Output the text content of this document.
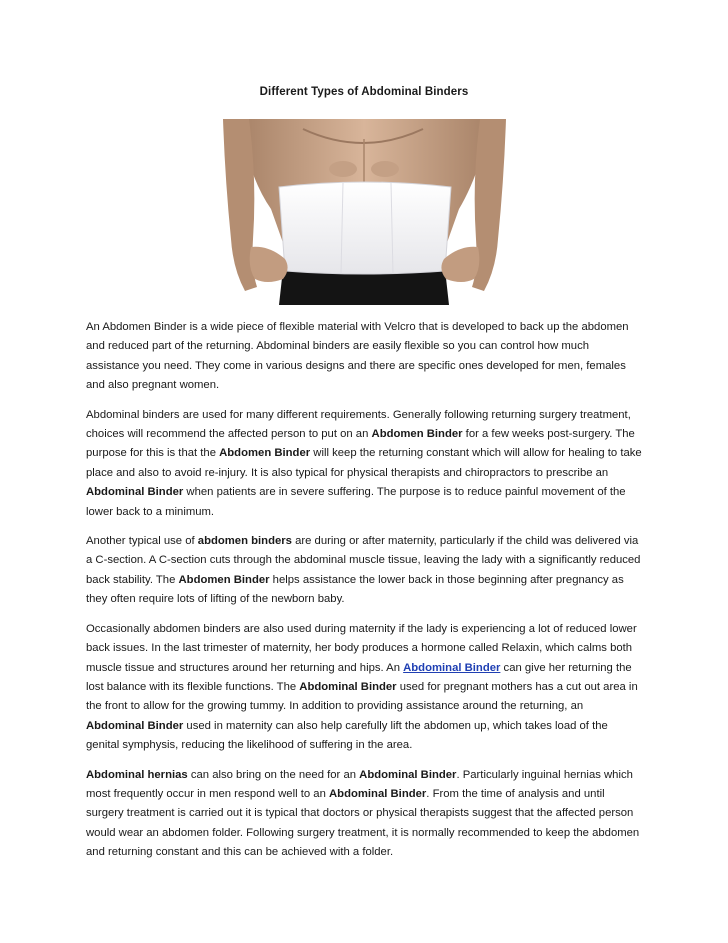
Different Types of Abdominal Binders

An Abdomen Binder is a wide piece of flexible material with Velcro that is developed to back up the abdomen and reduced part of the returning. Abdominal binders are easily flexible so you can control how much assistance you need. They come in various designs and there are specific ones developed for men, females and also pregnant women.

Abdominal binders are used for many different requirements. Generally following returning surgery treatment, choices will recommend the affected person to put on an Abdomen Binder for a few weeks post-surgery. The purpose for this is that the Abdomen Binder will keep the returning constant which will allow for healing to take place and also to avoid re-injury. It is also typical for physical therapists and chiropractors to prescribe an Abdominal Binder when patients are in severe suffering. The purpose is to reduce painful movement of the lower back to a minimum.

Another typical use of abdomen binders are during or after maternity, particularly if the child was delivered via a C-section. A C-section cuts through the abdominal muscle tissue, leaving the lady with a significantly reduced back stability. The Abdomen Binder helps assistance the lower back in those beginning after pregnancy as they often require lots of lifting of the newborn baby.

Occasionally abdomen binders are also used during maternity if the lady is experiencing a lot of reduced lower back issues. In the last trimester of maternity, her body produces a hormone called Relaxin, which calms both muscle tissue and structures around her returning and hips. An Abdominal Binder can give her returning the lost balance with its flexible functions. The Abdominal Binder used for pregnant mothers has a cut out area in the front to allow for the growing tummy. In addition to providing assistance around the returning, an Abdominal Binder used in maternity can also help carefully lift the abdomen up, which takes load of the genital symphysis, reducing the likelihood of suffering in the area.

Abdominal hernias can also bring on the need for an Abdominal Binder. Particularly inguinal hernias which most frequently occur in men respond well to an Abdominal Binder. From the time of analysis and until surgery treatment is carried out it is typical that doctors or physical therapists suggest that the affected person would wear an abdomen folder. Following surgery treatment, it is normally recommended to keep the abdomen and returning constant and this can be achieved with a folder.
